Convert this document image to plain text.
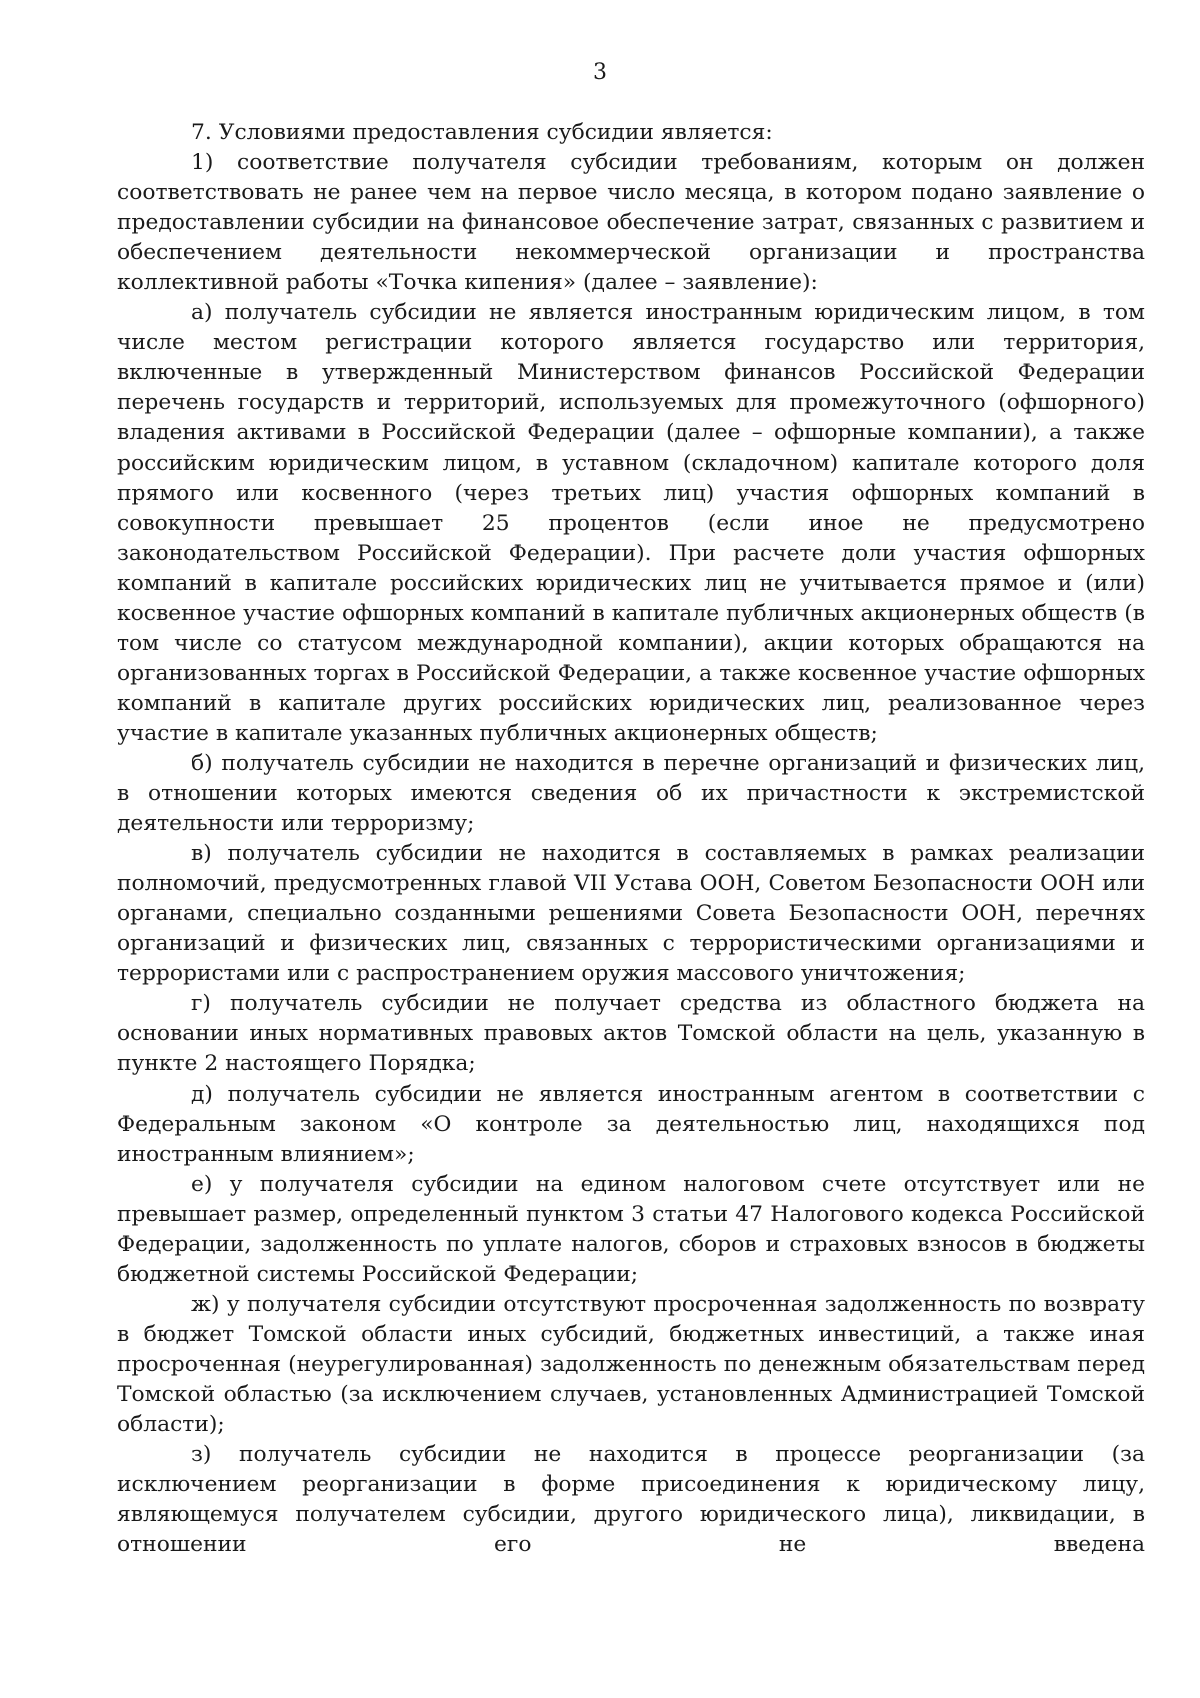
3

7. Условиями предоставления субсидии является:

1) соответствие получателя субсидии требованиям, которым он должен соответствовать не ранее чем на первое число месяца, в котором подано заявление о предоставлении субсидии на финансовое обеспечение затрат, связанных с развитием и обеспечением деятельности некоммерческой организации и пространства коллективной работы «Точка кипения» (далее – заявление):

а) получатель субсидии не является иностранным юридическим лицом, в том числе местом регистрации которого является государство или территория, включенные в утвержденный Министерством финансов Российской Федерации перечень государств и территорий, используемых для промежуточного (офшорного) владения активами в Российской Федерации (далее – офшорные компании), а также российским юридическим лицом, в уставном (складочном) капитале которого доля прямого или косвенного (через третьих лиц) участия офшорных компаний в совокупности превышает 25 процентов (если иное не предусмотрено законодательством Российской Федерации). При расчете доли участия офшорных компаний в капитале российских юридических лиц не учитывается прямое и (или) косвенное участие офшорных компаний в капитале публичных акционерных обществ (в том числе со статусом международной компании), акции которых обращаются на организованных торгах в Российской Федерации, а также косвенное участие офшорных компаний в капитале других российских юридических лиц, реализованное через участие в капитале указанных публичных акционерных обществ;

б) получатель субсидии не находится в перечне организаций и физических лиц, в отношении которых имеются сведения об их причастности к экстремистской деятельности или терроризму;

в) получатель субсидии не находится в составляемых в рамках реализации полномочий, предусмотренных главой VII Устава ООН, Советом Безопасности ООН или органами, специально созданными решениями Совета Безопасности ООН, перечнях организаций и физических лиц, связанных с террористическими организациями и террористами или с распространением оружия массового уничтожения;

г) получатель субсидии не получает средства из областного бюджета на основании иных нормативных правовых актов Томской области на цель, указанную в пункте 2 настоящего Порядка;

д) получатель субсидии не является иностранным агентом в соответствии с Федеральным законом «О контроле за деятельностью лиц, находящихся под иностранным влиянием»;

е) у получателя субсидии на едином налоговом счете отсутствует или не превышает размер, определенный пунктом 3 статьи 47 Налогового кодекса Российской Федерации, задолженность по уплате налогов, сборов и страховых взносов в бюджеты бюджетной системы Российской Федерации;

ж) у получателя субсидии отсутствуют просроченная задолженность по возврату в бюджет Томской области иных субсидий, бюджетных инвестиций, а также иная просроченная (неурегулированная) задолженность по денежным обязательствам перед Томской областью (за исключением случаев, установленных Администрацией Томской области);

з) получатель субсидии не находится в процессе реорганизации (за исключением реорганизации в форме присоединения к юридическому лицу, являющемуся получателем субсидии, другого юридического лица), ликвидации, в отношении его не введена
